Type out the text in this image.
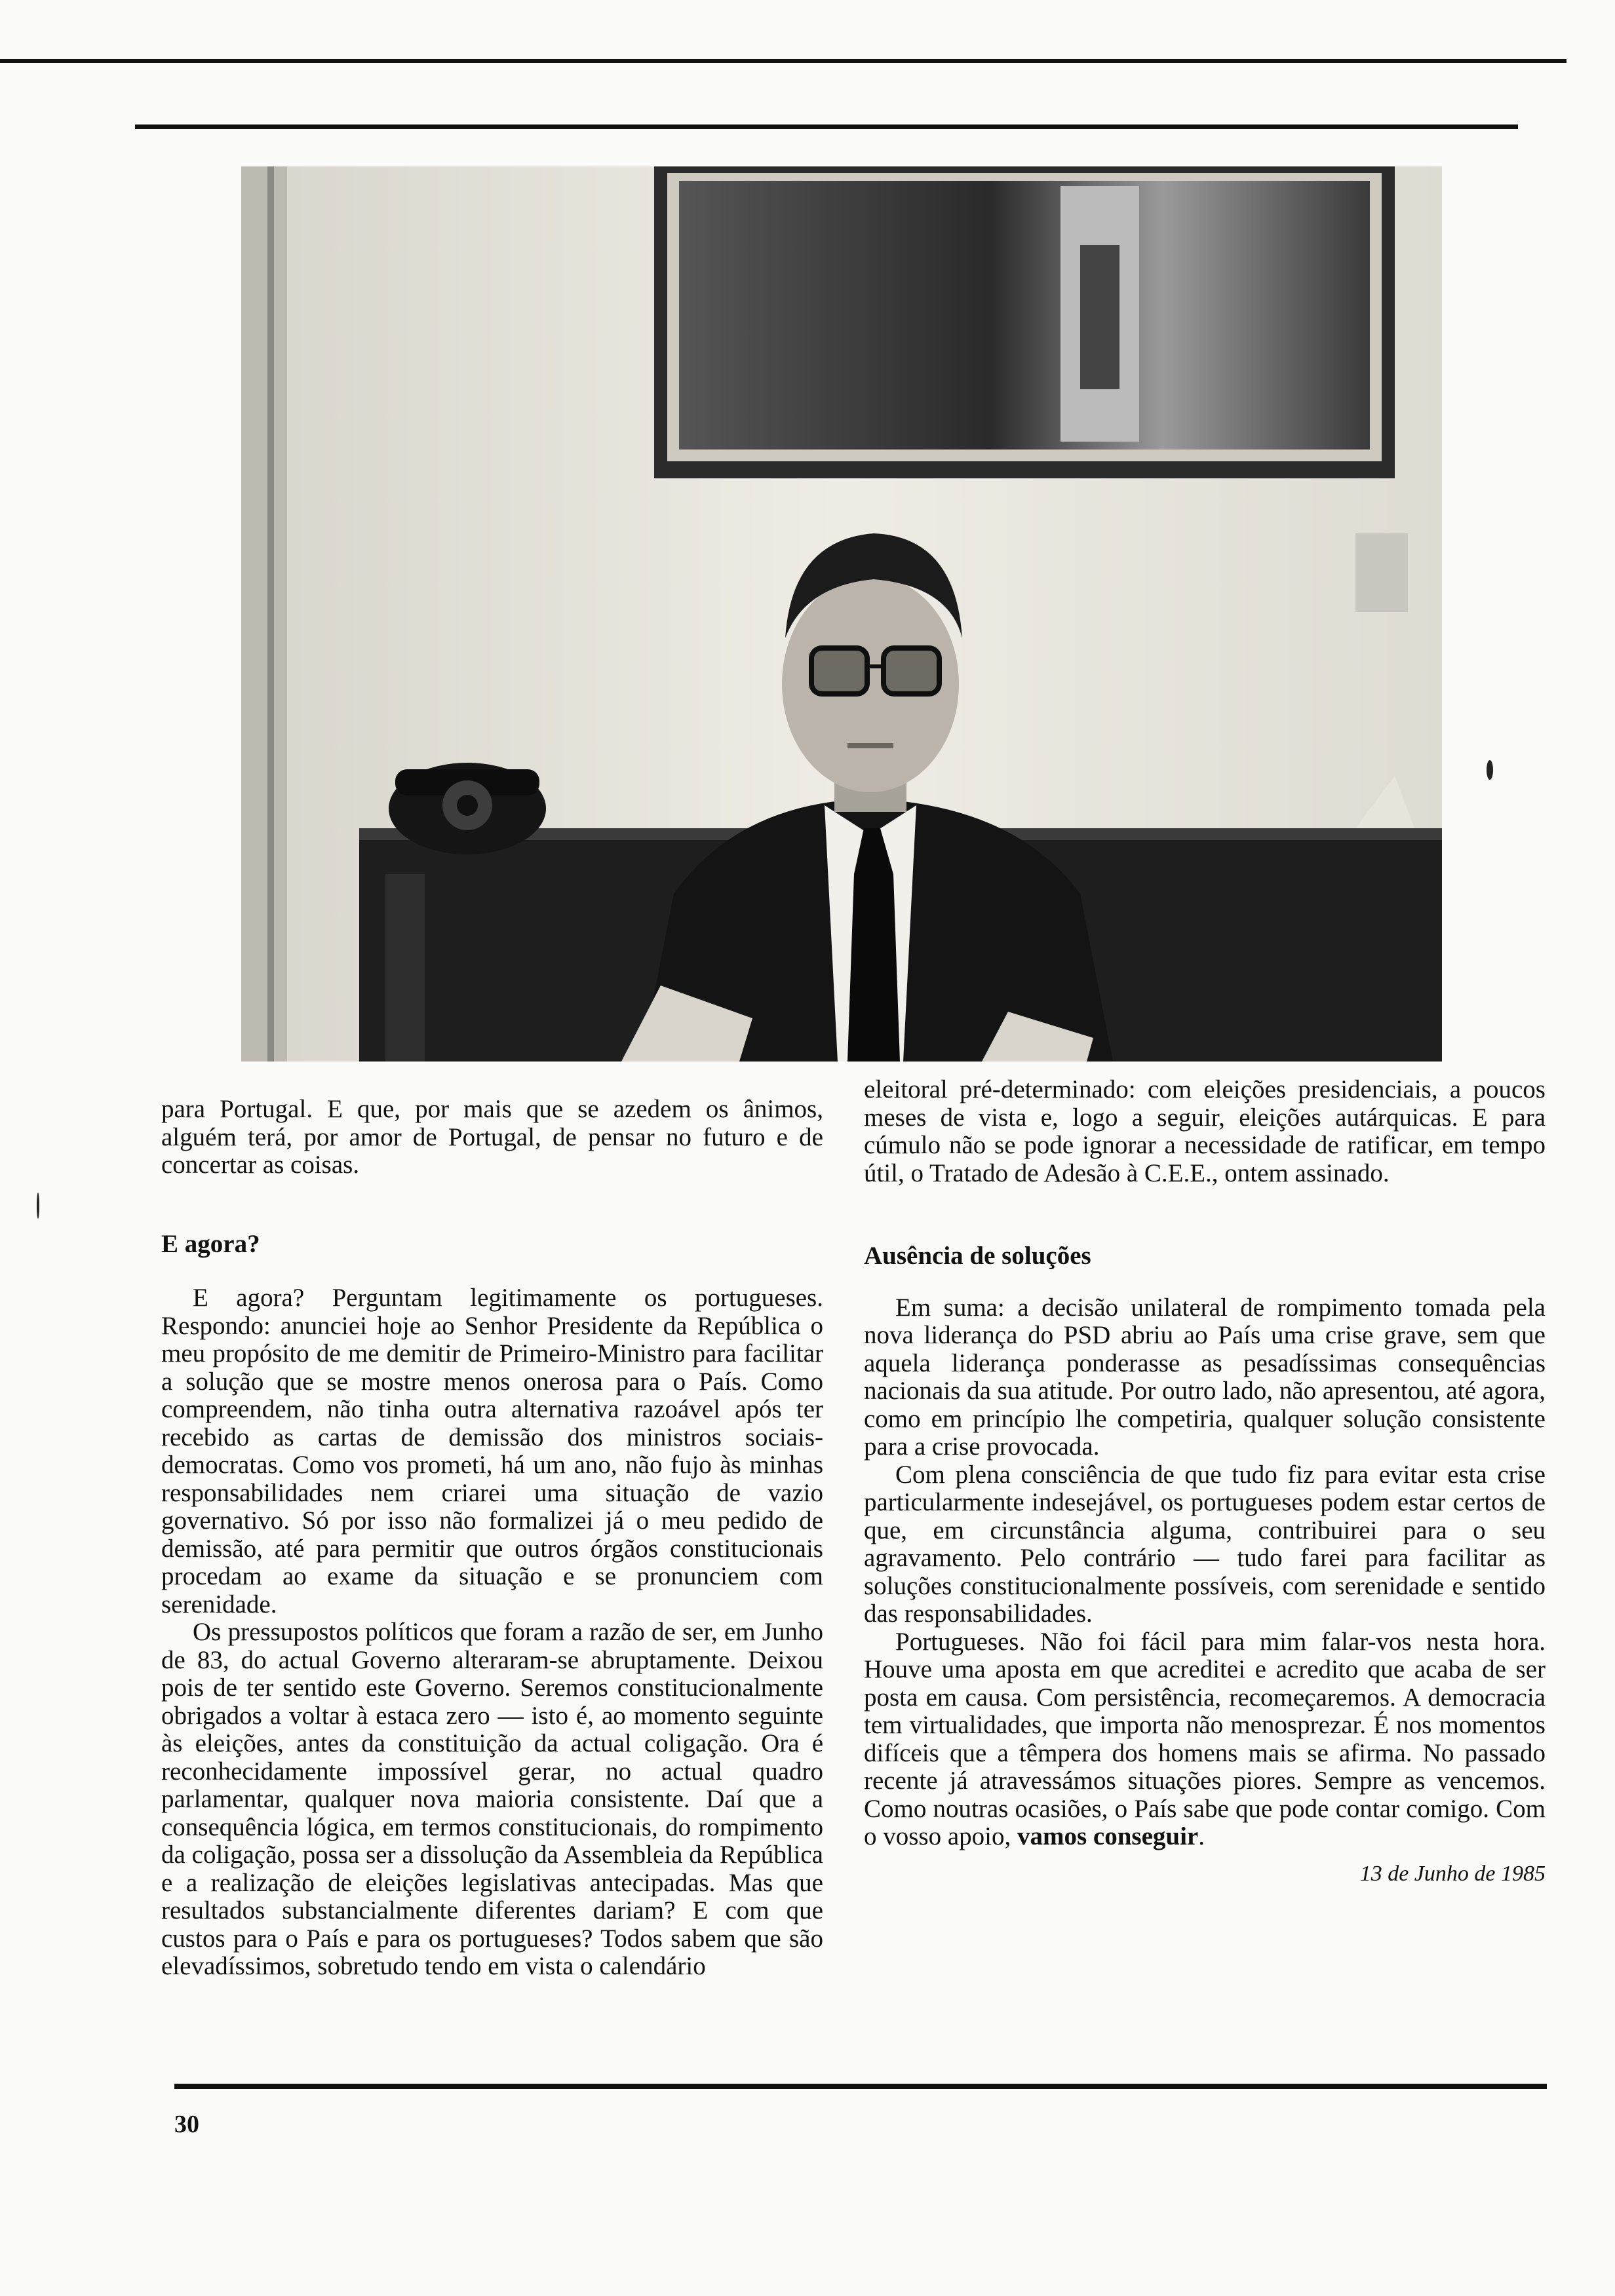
para Portugal. E que, por mais que se azedem os ânimos, alguém terá, por amor de Portugal, de pensar no futuro e de concertar as coisas.

E agora?

E agora? Perguntam legitimamente os portugueses. Respondo: anunciei hoje ao Senhor Presidente da República o meu propósito de me demitir de Primeiro-Ministro para facilitar a solução que se mostre menos onerosa para o País. Como compreendem, não tinha outra alternativa razoável após ter recebido as cartas de demissão dos ministros sociais-democratas. Como vos prometi, há um ano, não fujo às minhas responsabilidades nem criarei uma situação de vazio governativo. Só por isso não formalizei já o meu pedido de demissão, até para permitir que outros órgãos constitucionais procedam ao exame da situação e se pronunciem com serenidade.

Os pressupostos políticos que foram a razão de ser, em Junho de 83, do actual Governo alteraram-se abruptamente. Deixou pois de ter sentido este Governo. Seremos constitucionalmente obrigados a voltar à estaca zero — isto é, ao momento seguinte às eleições, antes da constituição da actual coligação. Ora é reconhecidamente impossível gerar, no actual quadro parlamentar, qualquer nova maioria consistente. Daí que a consequência lógica, em termos constitucionais, do rompimento da coligação, possa ser a dissolução da Assembleia da República e a realização de eleições legislativas antecipadas. Mas que resultados substancialmente diferentes dariam? E com que custos para o País e para os portugueses? Todos sabem que são elevadíssimos, sobretudo tendo em vista o calendário

eleitoral pré-determinado: com eleições presidenciais, a poucos meses de vista e, logo a seguir, eleições autárquicas. E para cúmulo não se pode ignorar a necessidade de ratificar, em tempo útil, o Tratado de Adesão à C.E.E., ontem assinado.

Ausência de soluções

Em suma: a decisão unilateral de rompimento tomada pela nova liderança do PSD abriu ao País uma crise grave, sem que aquela liderança ponderasse as pesadíssimas consequências nacionais da sua atitude. Por outro lado, não apresentou, até agora, como em princípio lhe competiria, qualquer solução consistente para a crise provocada.

Com plena consciência de que tudo fiz para evitar esta crise particularmente indesejável, os portugueses podem estar certos de que, em circunstância alguma, contribuirei para o seu agravamento. Pelo contrário — tudo farei para facilitar as soluções constitucionalmente possíveis, com serenidade e sentido das responsabilidades.

Portugueses. Não foi fácil para mim falar-vos nesta hora. Houve uma aposta em que acreditei e acredito que acaba de ser posta em causa. Com persistência, recomeçaremos. A democracia tem virtualidades, que importa não menosprezar. É nos momentos difíceis que a têmpera dos homens mais se afirma. No passado recente já atravessámos situações piores. Sempre as vencemos. Como noutras ocasiões, o País sabe que pode contar comigo. Com o vosso apoio, vamos conseguir.

13 de Junho de 1985

30
